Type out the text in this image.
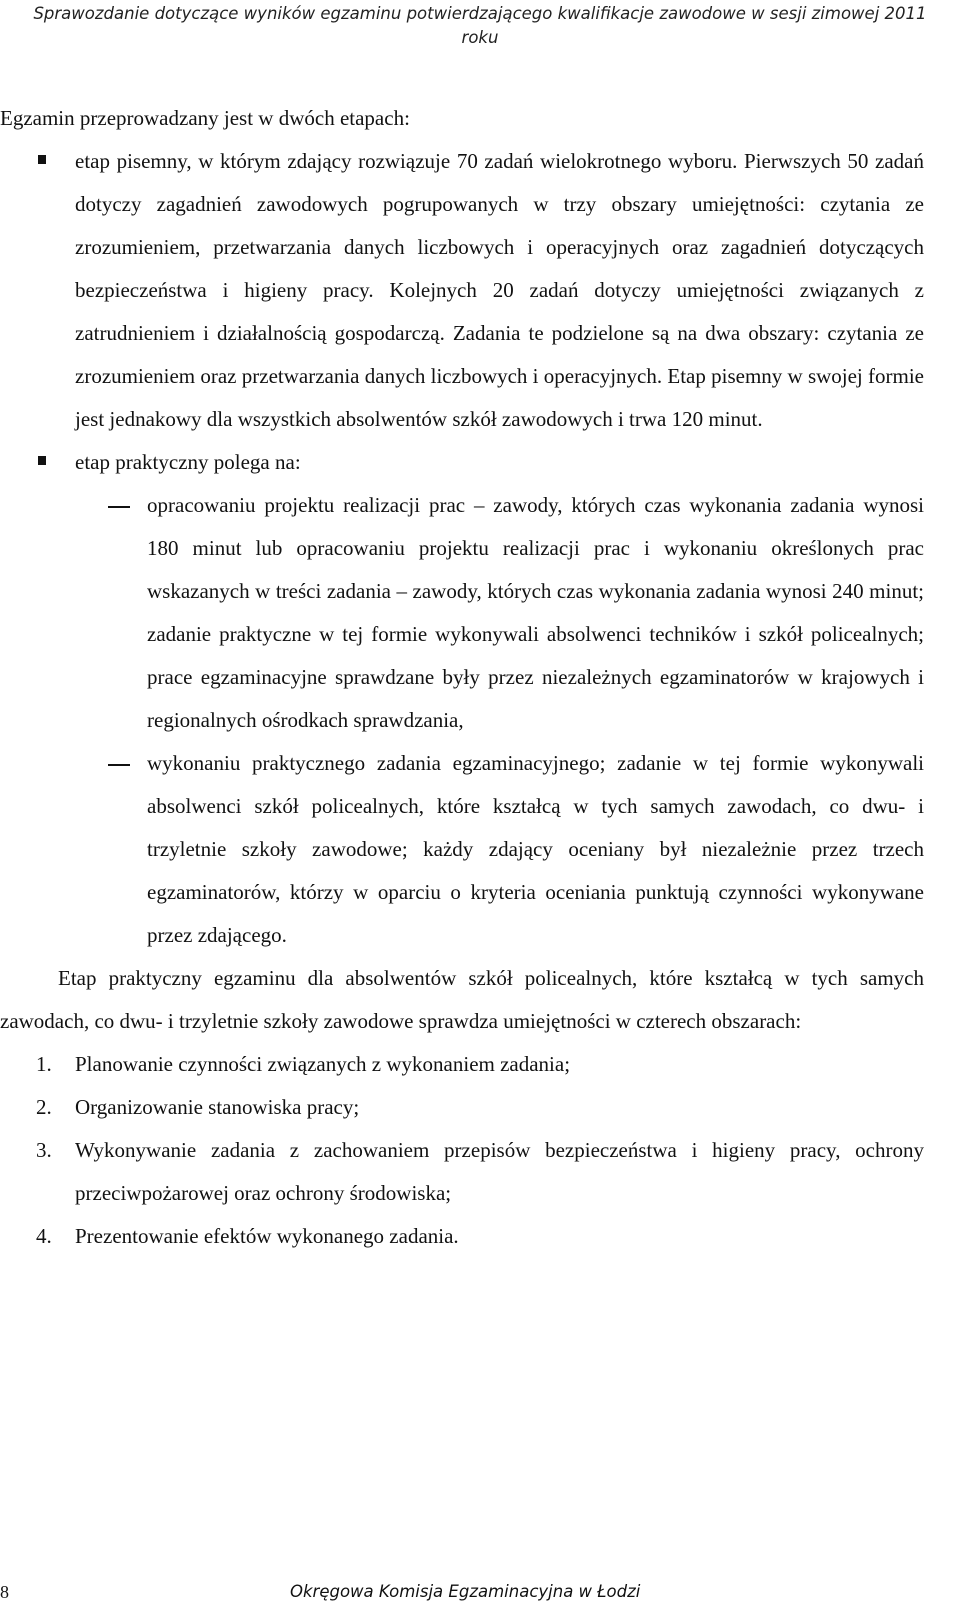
Sprawozdanie dotyczące wyników egzaminu potwierdzającego kwalifikacje zawodowe w sesji zimowej 2011
roku

Egzamin przeprowadzany jest w dwóch etapach:

etap pisemny, w którym zdający rozwiązuje 70 zadań wielokrotnego wyboru. Pierwszych 50 zadań dotyczy zagadnień zawodowych pogrupowanych w trzy obszary umiejętności: czytania ze zrozumieniem, przetwarzania danych liczbowych i operacyjnych oraz zagadnień dotyczących bezpieczeństwa i higieny pracy. Kolejnych 20 zadań dotyczy umiejętności związanych z zatrudnieniem i działalnością gospodarczą. Zadania te podzielone są na dwa obszary: czytania ze zrozumieniem oraz przetwarzania danych liczbowych i operacyjnych. Etap pisemny w swojej formie jest jednakowy dla wszystkich absolwentów szkół zawodowych i trwa 120 minut.
etap praktyczny polega na:
opracowaniu projektu realizacji prac – zawody, których czas wykonania zadania wynosi 180 minut lub opracowaniu projektu realizacji prac i wykonaniu określonych prac wskazanych w treści zadania – zawody, których czas wykonania zadania wynosi 240 minut; zadanie praktyczne w tej formie wykonywali absolwenci techników i szkół policealnych; prace egzaminacyjne sprawdzane były przez niezależnych egzaminatorów w krajowych i regionalnych ośrodkach sprawdzania,
wykonaniu praktycznego zadania egzaminacyjnego; zadanie w tej formie wykonywali absolwenci szkół policealnych, które kształcą w tych samych zawodach, co dwu- i trzyletnie szkoły zawodowe; każdy zdający oceniany był niezależnie przez trzech egzaminatorów, którzy w oparciu o kryteria oceniania punktują czynności wykonywane przez zdającego.

Etap praktyczny egzaminu dla absolwentów szkół policealnych, które kształcą w tych samych zawodach, co dwu- i trzyletnie szkoły zawodowe sprawdza umiejętności w czterech obszarach:

1. Planowanie czynności związanych z wykonaniem zadania;
2. Organizowanie stanowiska pracy;
3. Wykonywanie zadania z zachowaniem przepisów bezpieczeństwa i higieny pracy, ochrony przeciwpożarowej oraz ochrony środowiska;
4. Prezentowanie efektów wykonanego zadania.
8	Okręgowa Komisja Egzaminacyjna w Łodzi
